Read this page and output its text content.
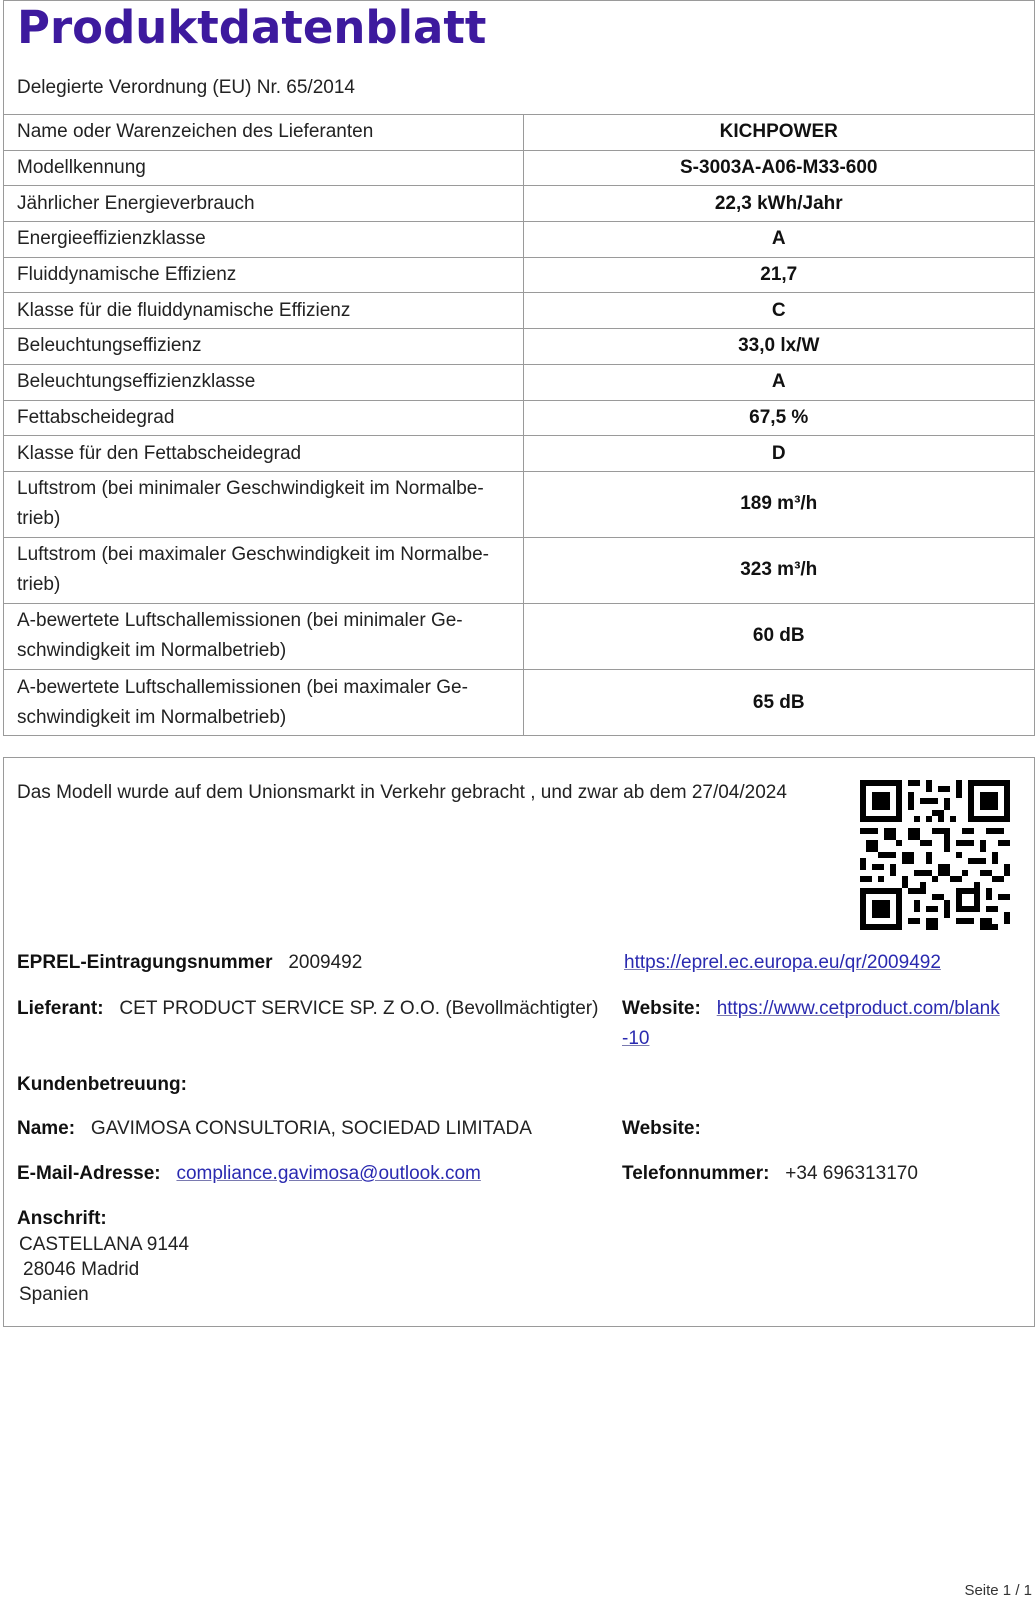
Produktdatenblatt
Delegierte Verordnung (EU) Nr. 65/2014
Name oder Warenzeichen des Lieferanten	KICHPOWER
Modellkennung	S-3003A-A06-M33-600
Jährlicher Energieverbrauch	22,3 kWh/Jahr
Energieeffizienzklasse	A
Fluiddynamische Effizienz	21,7
Klasse für die fluiddynamische Effizienz	C
Beleuchtungseffizienz	33,0 lx/W
Beleuchtungseffizienzklasse	A
Fettabscheidegrad	67,5 %
Klasse für den Fettabscheidegrad	D
Luftstrom (bei minimaler Geschwindigkeit im Normalbe-trieb)	189 m³/h
Luftstrom (bei maximaler Geschwindigkeit im Normalbe-trieb)	323 m³/h
A-bewertete Luftschallemissionen (bei minimaler Ge-schwindigkeit im Normalbetrieb)	60 dB
A-bewertete Luftschallemissionen (bei maximaler Ge-schwindigkeit im Normalbetrieb)	65 dB
Das Modell wurde auf dem Unionsmarkt in Verkehr gebracht , und zwar ab dem 27/04/2024
EPREL-Eintragungsnummer 2009492	https://eprel.ec.europa.eu/qr/2009492
Lieferant: CET PRODUCT SERVICE SP. Z O.O. (Bevollmächtigter) Website: https://www.cetproduct.com/blank
-10
Kundenbetreuung:
Name: GAVIMOSA CONSULTORIA, SOCIEDAD LIMITADA	Website:
E-Mail-Adresse: compliance.gavimosa@outlook.com	Telefonnummer: +34 696313170
Anschrift:
CASTELLANA 9144
28046 Madrid
Spanien
Seite 1 / 1
